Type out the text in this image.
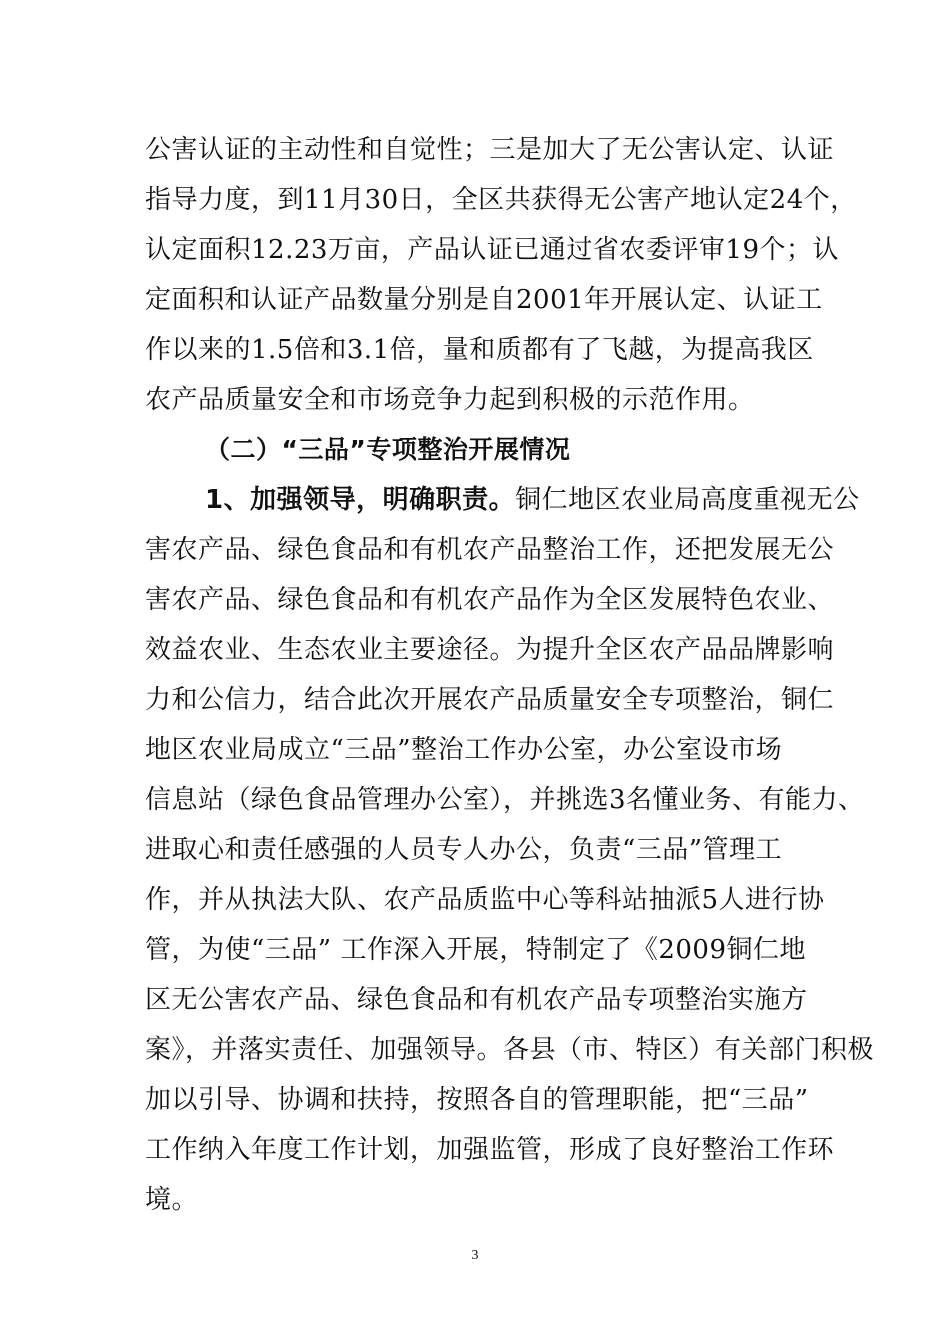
公害认证的主动性和自觉性；三是加大了无公害认定、认证
指导力度，到11月30日，全区共获得无公害产地认定24个，
认定面积12.23万亩，产品认证已通过省农委评审19个；认
定面积和认证产品数量分别是自2001年开展认定、认证工
作以来的1.5倍和3.1倍，量和质都有了飞越，为提高我区
农产品质量安全和市场竞争力起到积极的示范作用。
（二）“三品”专项整治开展情况
1、加强领导，明确职责。铜仁地区农业局高度重视无公
害农产品、绿色食品和有机农产品整治工作，还把发展无公
害农产品、绿色食品和有机农产品作为全区发展特色农业、
效益农业、生态农业主要途径。为提升全区农产品品牌影响
力和公信力，结合此次开展农产品质量安全专项整治，铜仁
地区农业局成立“三品”整治工作办公室，办公室设市场
信息站（绿色食品管理办公室），并挑选3名懂业务、有能力、
进取心和责任感强的人员专人办公，负责“三品”管理工
作，并从执法大队、农产品质监中心等科站抽派5人进行协
管，为使“三品” 工作深入开展，特制定了《2009铜仁地
区无公害农产品、绿色食品和有机农产品专项整治实施方
案》，并落实责任、加强领导。各县（市、特区）有关部门积极
加以引导、协调和扶持，按照各自的管理职能，把“三品”
工作纳入年度工作计划，加强监管，形成了良好整治工作环
境。
3
